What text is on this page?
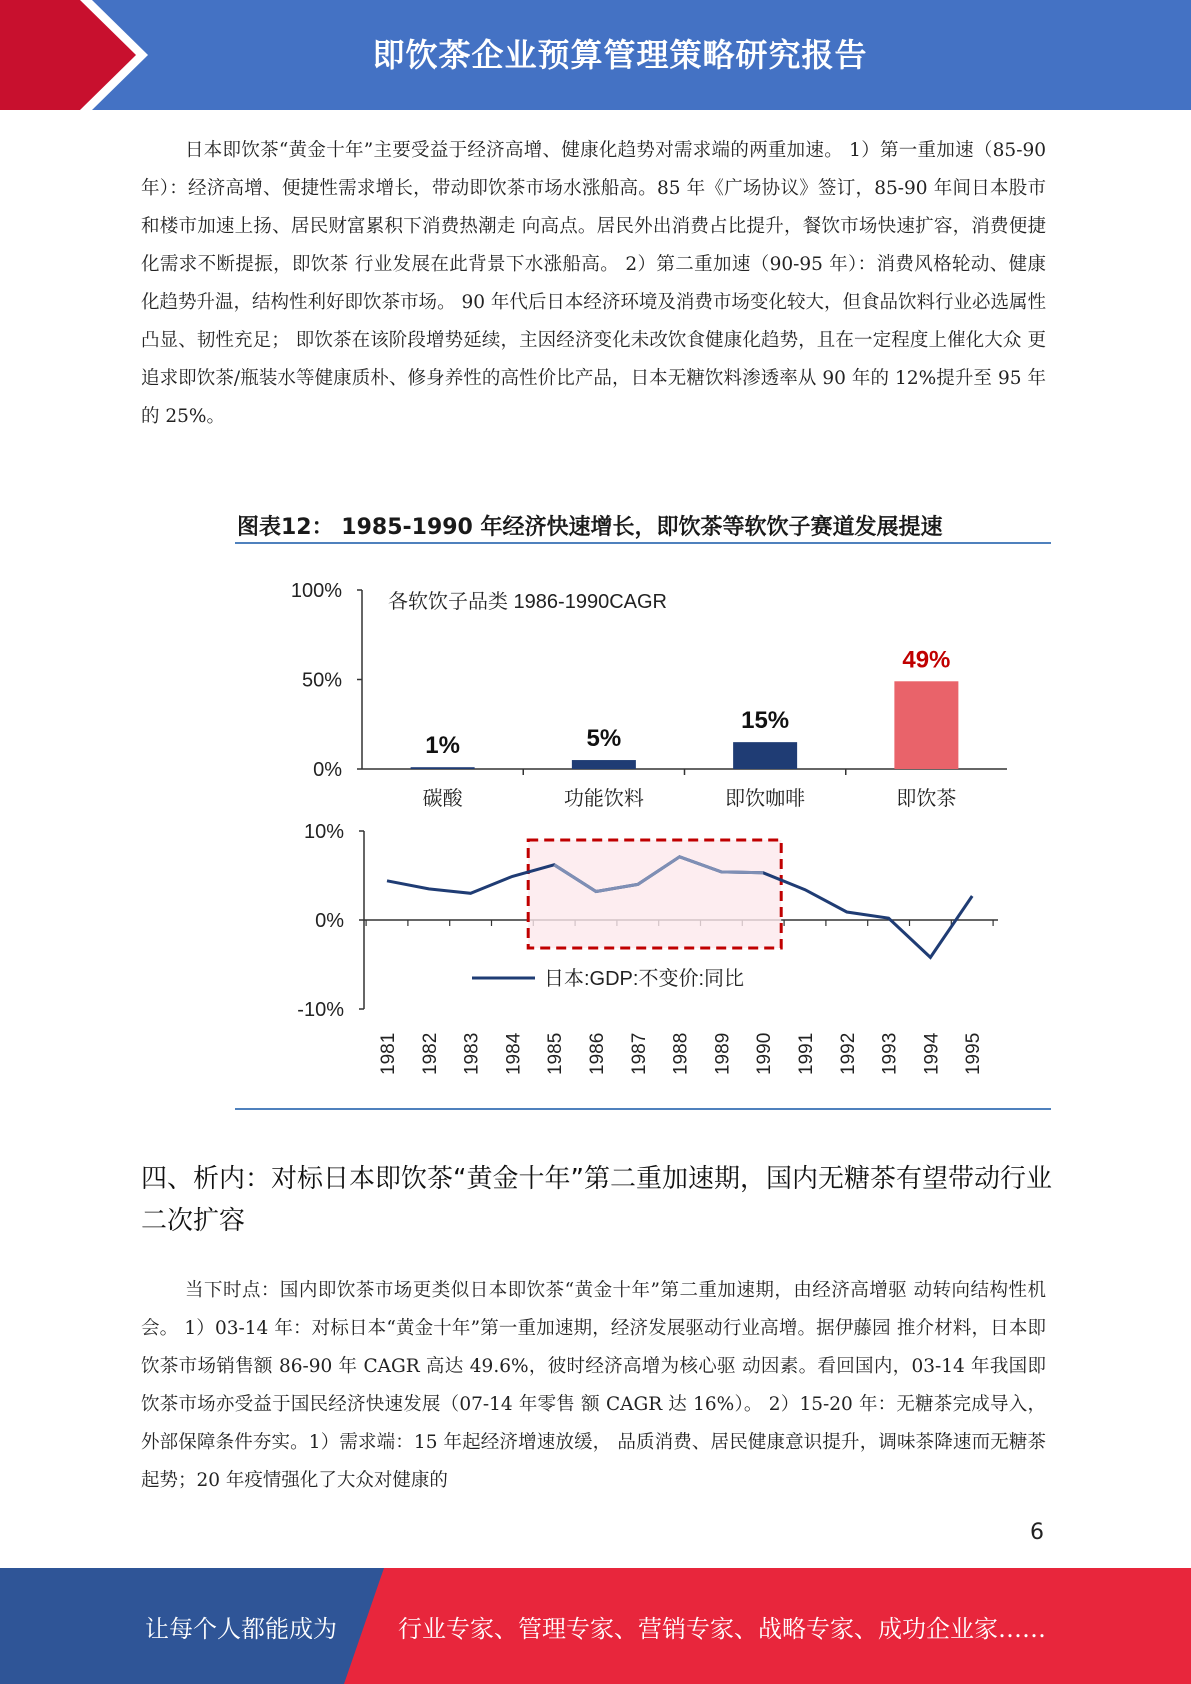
即饮茶企业预算管理策略研究报告
日本即饮茶“黄金十年”主要受益于经济高增、健康化趋势对需求端的两重加速。 1）第一重加速（85-90 年）：经济高增、便捷性需求增长，带动即饮茶市场水涨船高。85 年《广场协议》签订，85-90 年间日本股市和楼市加速上扬、居民财富累积下消费热潮走 向高点。居民外出消费占比提升，餐饮市场快速扩容，消费便捷化需求不断提振，即饮茶 行业发展在此背景下水涨船高。 2）第二重加速（90-95 年）：消费风格轮动、健康化趋势升温，结构性利好即饮茶市场。 90 年代后日本经济环境及消费市场变化较大，但食品饮料行业必选属性凸显、韧性充足； 即饮茶在该阶段增势延续，主因经济变化未改饮食健康化趋势，且在一定程度上催化大众 更追求即饮茶/瓶装水等健康质朴、修身养性的高性价比产品，日本无糖饮料渗透率从 90 年的 12%提升至 95 年的 25%。
图表12： 1985-1990 年经济快速增长，即饮茶等软饮子赛道发展提速
0%
50%
100% 各软饮子品类 1986-1990CAGR
1%
碳酸
5%
功能饮料
15%
即饮咖啡
49%
即饮茶
-10%
0%
10%
日本:GDP:不变价:同比
1981 1982 1983 1984 1985 1986 1987 1988 1989 1990 1991 1992 1993 1994 1995
四、析内：对标日本即饮茶“黄金十年”第二重加速期，国内无糖茶有望带动行业二次扩容
当下时点：国内即饮茶市场更类似日本即饮茶“黄金十年”第二重加速期，由经济高增驱 动转向结构性机会。 1）03-14 年：对标日本“黄金十年”第一重加速期，经济发展驱动行业高增。据伊藤园 推介材料，日本即饮茶市场销售额 86-90 年 CAGR 高达 49.6%，彼时经济高增为核心驱 动因素。看回国内，03-14 年我国即饮茶市场亦受益于国民经济快速发展（07-14 年零售 额 CAGR 达 16%）。 2）15-20 年：无糖茶完成导入，外部保障条件夯实。1）需求端：15 年起经济增速放缓， 品质消费、居民健康意识提升，调味茶降速而无糖茶起势；20 年疫情强化了大众对健康的
6
让每个人都能成为	行业专家、管理专家、营销专家、战略专家、成功企业家……
